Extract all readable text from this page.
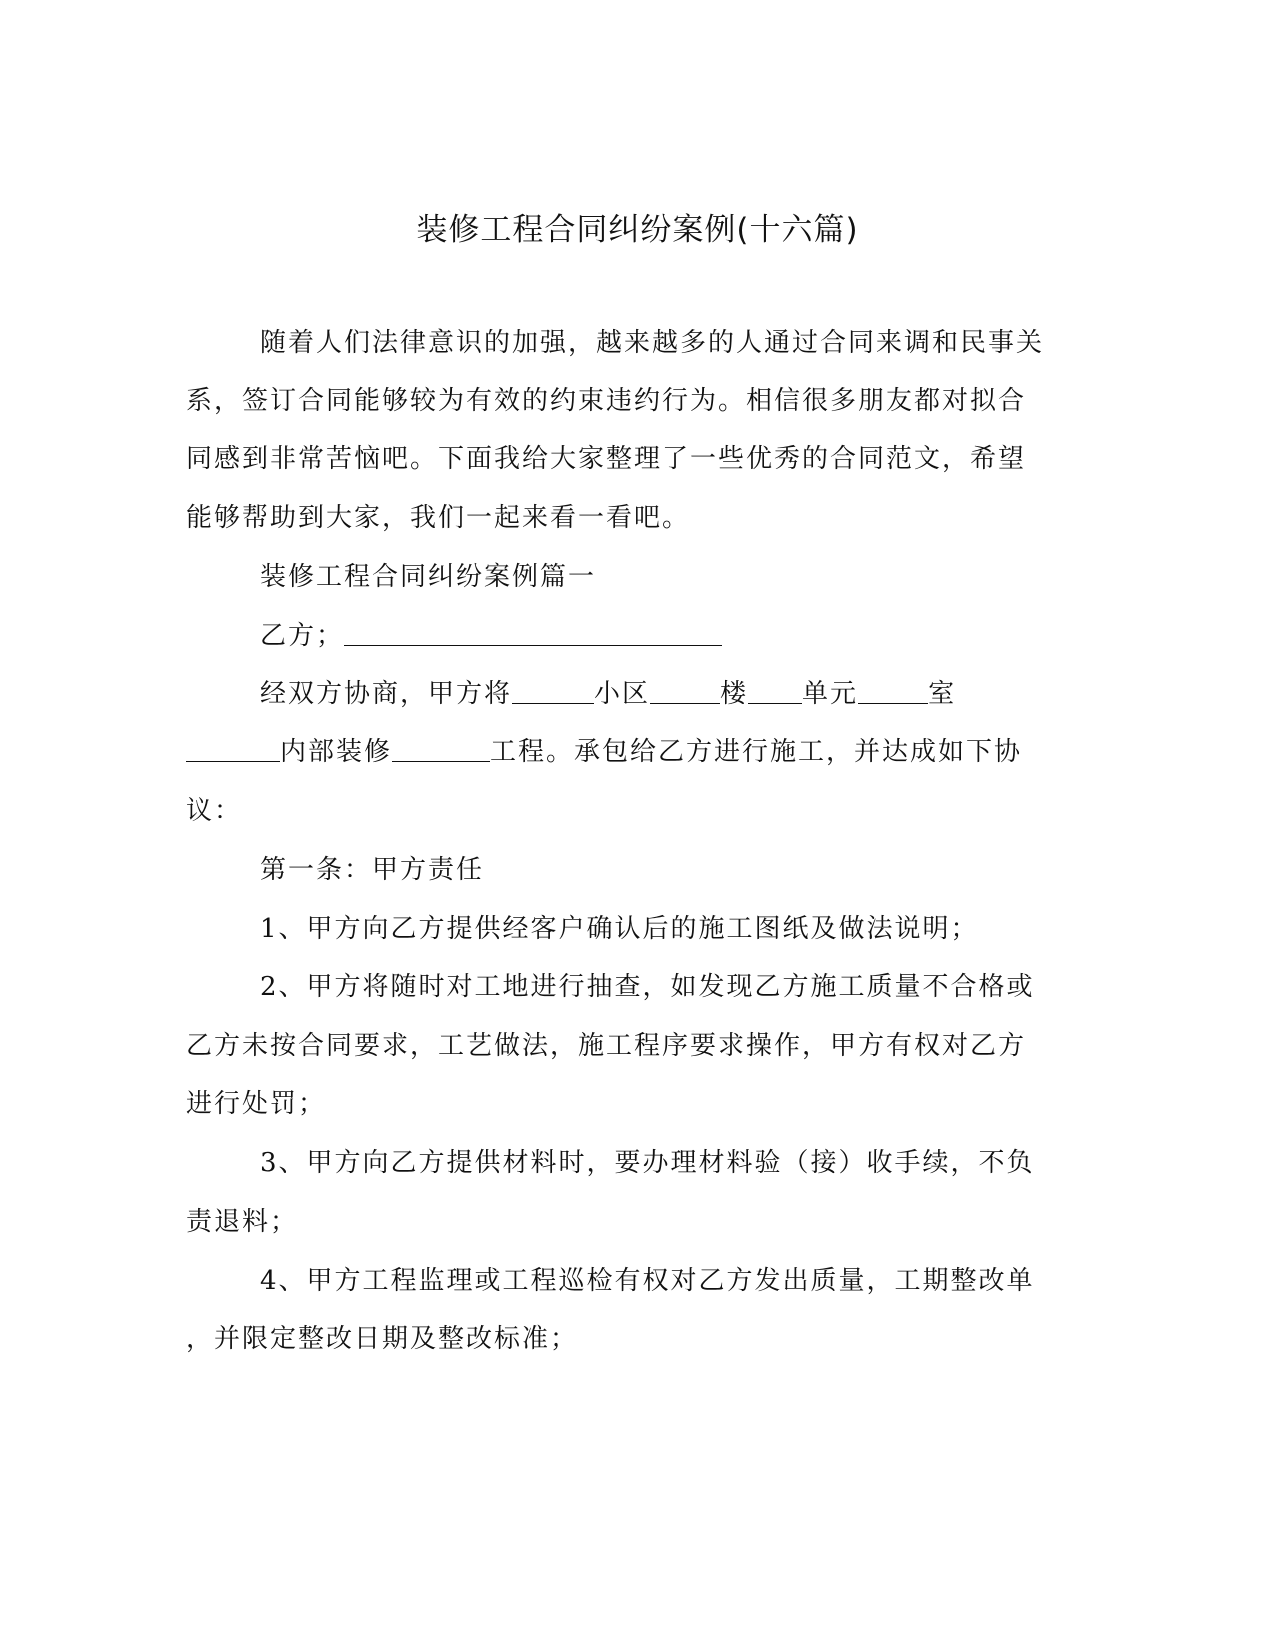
装修工程合同纠纷案例(十六篇)
随着人们法律意识的加强，越来越多的人通过合同来调和民事关
系，签订合同能够较为有效的约束违约行为。相信很多朋友都对拟合
同感到非常苦恼吧。下面我给大家整理了一些优秀的合同范文，希望
能够帮助到大家，我们一起来看一看吧。
装修工程合同纠纷案例篇一
乙方；
经双方协商，甲方将	小区	楼 单元	室
内部装修	工程。承包给乙方进行施工，并达成如下协
议：
第一条：甲方责任
1、甲方向乙方提供经客户确认后的施工图纸及做法说明；
2、甲方将随时对工地进行抽查，如发现乙方施工质量不合格或
乙方未按合同要求，工艺做法，施工程序要求操作，甲方有权对乙方
进行处罚；
3、甲方向乙方提供材料时，要办理材料验（接）收手续，不负
责退料；
4、甲方工程监理或工程巡检有权对乙方发出质量，工期整改单
，并限定整改日期及整改标准；
